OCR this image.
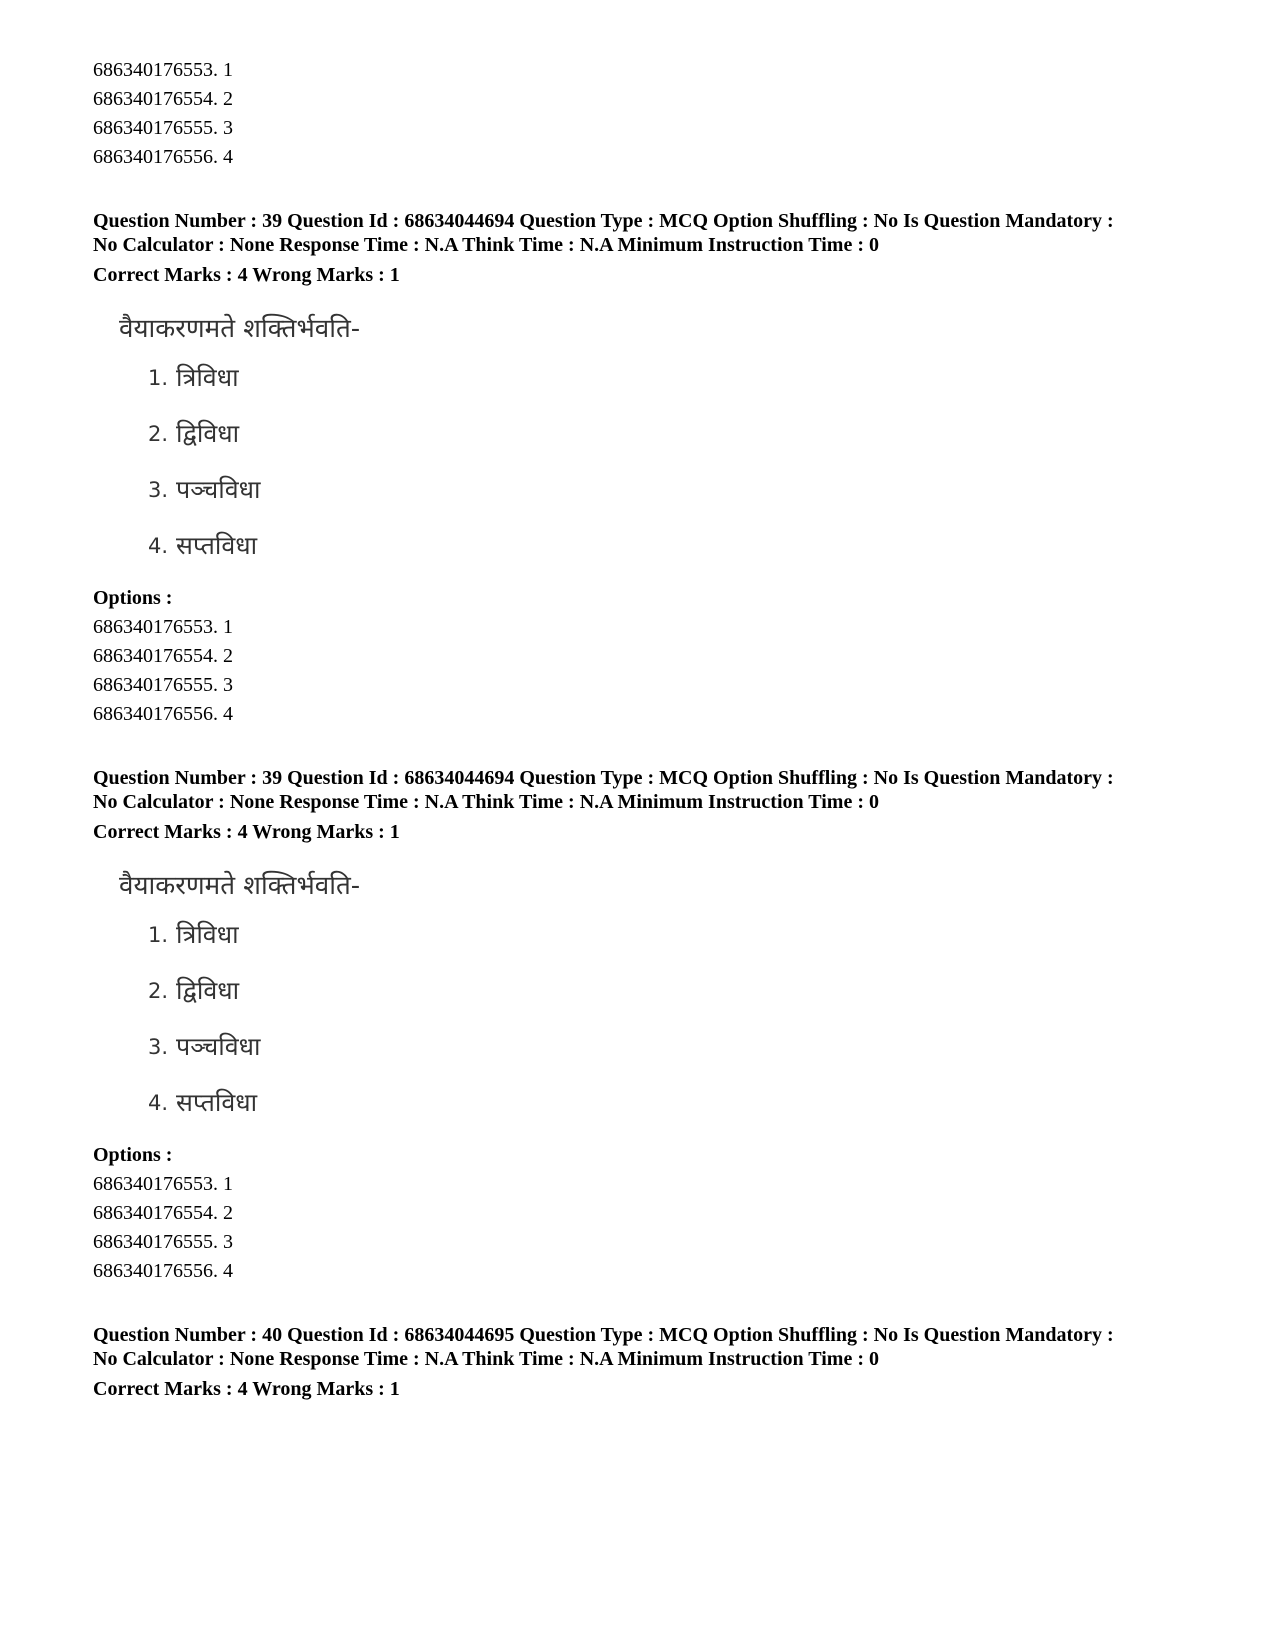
686340176553. 1
686340176554. 2
686340176555. 3
686340176556. 4
Question Number : 39 Question Id : 68634044694 Question Type : MCQ Option Shuffling : No Is Question Mandatory :
No Calculator : None Response Time : N.A Think Time : N.A Minimum Instruction Time : 0
Correct Marks : 4 Wrong Marks : 1
वैयाकरणमते शक्तिर्भवति-
1. त्रिविधा
2. द्विविधा
3. पञ्चविधा
4. सप्तविधा
Options :
686340176553. 1
686340176554. 2
686340176555. 3
686340176556. 4
Question Number : 39 Question Id : 68634044694 Question Type : MCQ Option Shuffling : No Is Question Mandatory :
No Calculator : None Response Time : N.A Think Time : N.A Minimum Instruction Time : 0
Correct Marks : 4 Wrong Marks : 1
वैयाकरणमते शक्तिर्भवति-
1. त्रिविधा
2. द्विविधा
3. पञ्चविधा
4. सप्तविधा
Options :
686340176553. 1
686340176554. 2
686340176555. 3
686340176556. 4
Question Number : 40 Question Id : 68634044695 Question Type : MCQ Option Shuffling : No Is Question Mandatory :
No Calculator : None Response Time : N.A Think Time : N.A Minimum Instruction Time : 0
Correct Marks : 4 Wrong Marks : 1
